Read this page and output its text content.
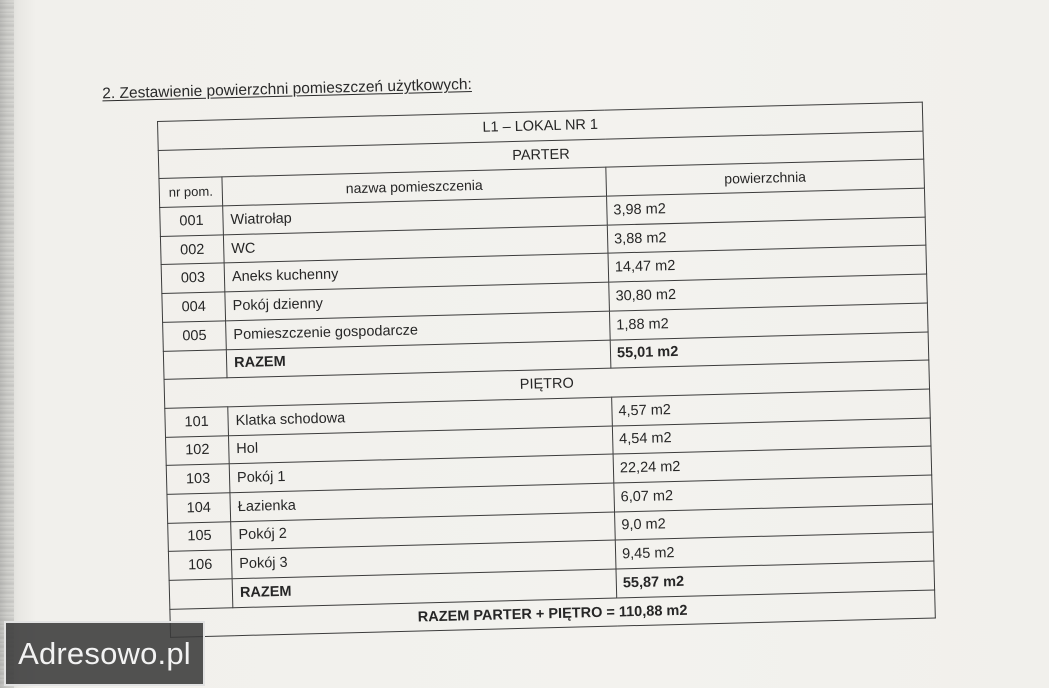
2. Zestawienie powierzchni pomieszczeń użytkowych:
L1 – LOKAL NR 1		
PARTER		
nr pom.	nazwa pomieszczenia	powierzchnia
001	Wiatrołap	3,98 m2
002	WC	3,88 m2
003	Aneks kuchenny	14,47 m2
004	Pokój dzienny	30,80 m2
005	Pomieszczenie gospodarcze	1,88 m2
	RAZEM	55,01 m2
PIĘTRO		
101	Klatka schodowa	4,57 m2
102	Hol	4,54 m2
103	Pokój 1	22,24 m2
104	Łazienka	6,07 m2
105	Pokój 2	9,0 m2
106	Pokój 3	9,45 m2
	RAZEM	55,87 m2
RAZEM PARTER + PIĘTRO = 110,88 m2		
Adresowo.pl
